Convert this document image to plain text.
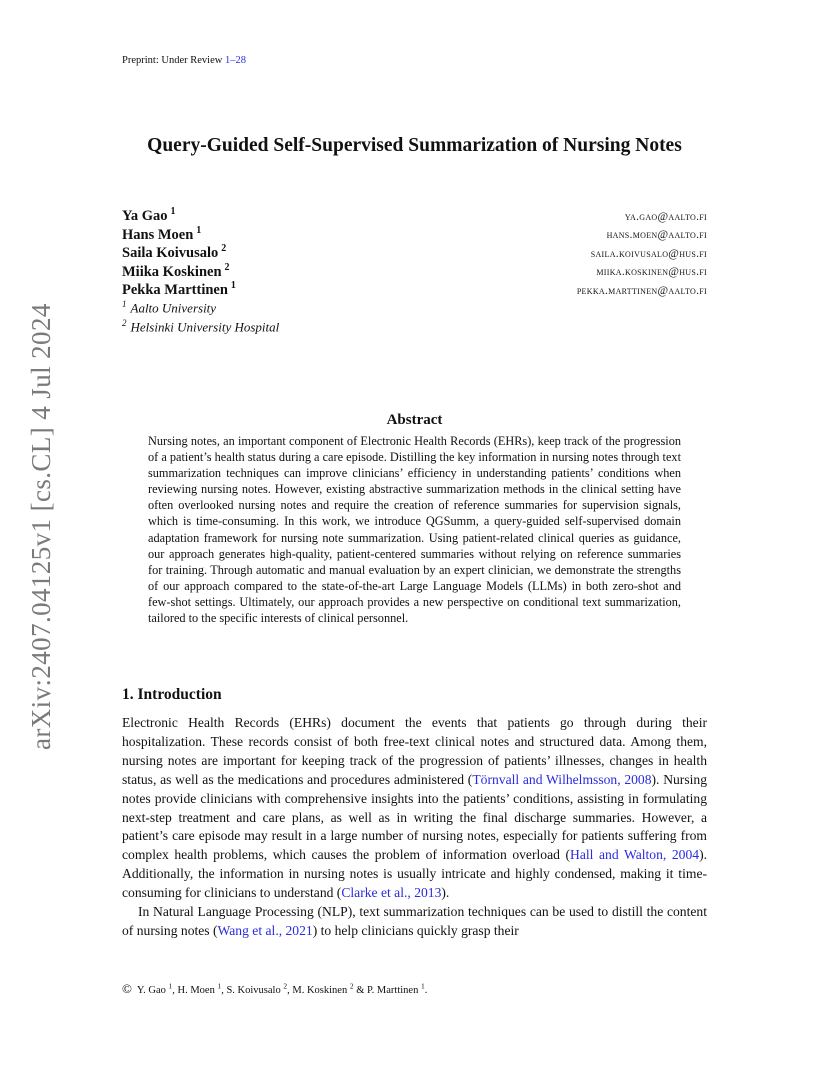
Preprint: Under Review 1–28
arXiv:2407.04125v1 [cs.CL] 4 Jul 2024
Query-Guided Self-Supervised Summarization of Nursing Notes
Ya Gao $^1$	ya.gao@aalto.fi
Hans Moen $^1$	hans.moen@aalto.fi
Saila Koivusalo $^2$	saila.koivusalo@hus.fi
Miika Koskinen $^2$	miika.koskinen@hus.fi
Pekka Marttinen $^1$	pekka.marttinen@aalto.fi
$^1$ Aalto University
$^2$ Helsinki University Hospital
Abstract
Nursing notes, an important component of Electronic Health Records (EHRs), keep track of the progression of a patient’s health status during a care episode. Distilling the key information in nursing notes through text summarization techniques can improve clinicians’ efficiency in understanding patients’ conditions when reviewing nursing notes. However, existing abstractive summarization methods in the clinical setting have often overlooked nursing notes and require the creation of reference summaries for supervision signals, which is time-consuming. In this work, we introduce QGSumm, a query-guided self-supervised domain adaptation framework for nursing note summarization. Using patient-related clinical queries as guidance, our approach generates high-quality, patient-centered summaries without relying on reference summaries for training. Through automatic and manual evaluation by an expert clinician, we demonstrate the strengths of our approach compared to the state-of-the-art Large Language Models (LLMs) in both zero-shot and few-shot settings. Ultimately, our approach provides a new perspective on conditional text summarization, tailored to the specific interests of clinical personnel.
1. Introduction

Electronic Health Records (EHRs) document the events that patients go through during their hospitalization. These records consist of both free-text clinical notes and structured data. Among them, nursing notes are important for keeping track of the progression of patients’ illnesses, changes in health status, as well as the medications and procedures administered (Törnvall and Wilhelmsson, 2008). Nursing notes provide clinicians with comprehensive insights into the patients’ conditions, assisting in formulating next-step treatment and care plans, as well as in writing the final discharge summaries. However, a patient’s care episode may result in a large number of nursing notes, especially for patients suffering from complex health problems, which causes the problem of information overload (Hall and Walton, 2004). Additionally, the information in nursing notes is usually intricate and highly condensed, making it time-consuming for clinicians to understand (Clarke et al., 2013).

In Natural Language Processing (NLP), text summarization techniques can be used to distill the content of nursing notes (Wang et al., 2021) to help clinicians quickly grasp their

© Y. Gao $^1$, H. Moen $^1$, S. Koivusalo $^2$, M. Koskinen $^2$ & P. Marttinen $^1$.
